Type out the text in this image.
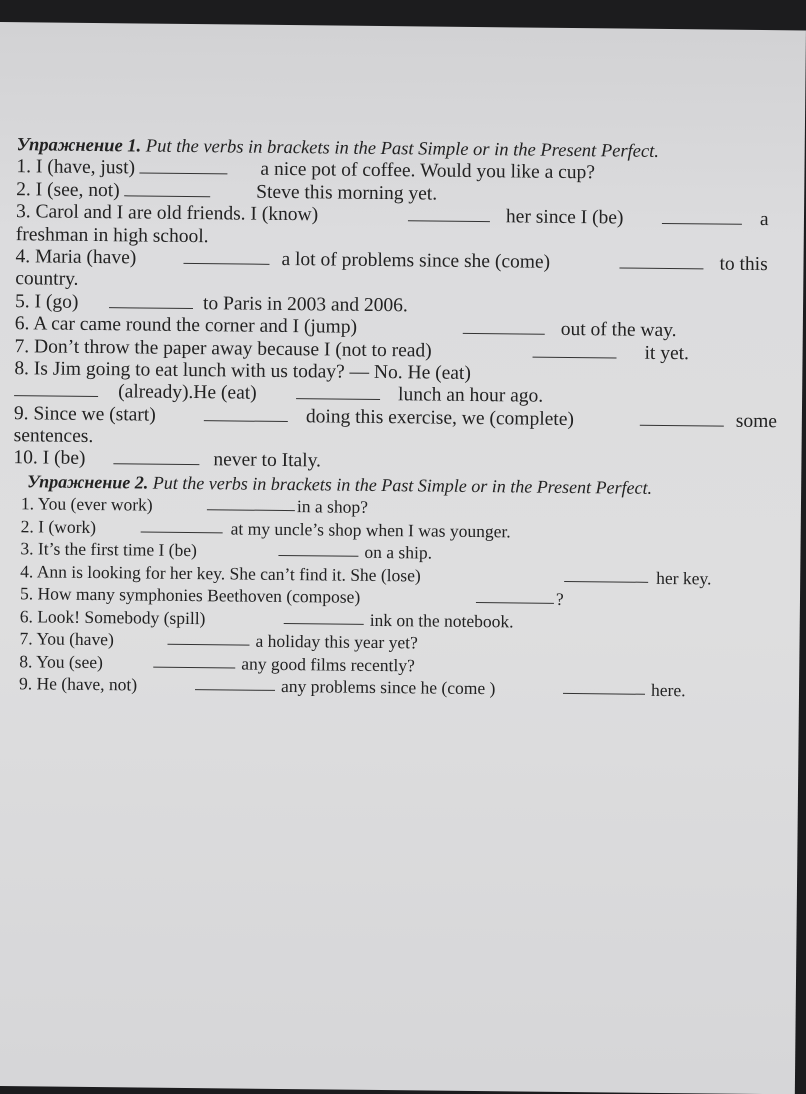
Упражнение 1. Put the verbs in brackets in the Past Simple or in the Present Perfect.
1. I (have, just)	a nice pot of coffee. Would you like a cup?
2. I (see, not)	Steve this morning yet.
3. Carol and I are old friends. I (know)	her since I (be)	a
freshman in high school.
4. Maria (have)	a lot of problems since she (come)	to this
country.
5. I (go)	to Paris in 2003 and 2006.
6. A car came round the corner and I (jump)	out of the way.
7. Don’t throw the paper away because I (not to read)	it yet.
8. Is Jim going to eat lunch with us today? — No. He (eat)
(already).He (eat)	lunch an hour ago.
9. Since we (start)	doing this exercise, we (complete)	some
sentences.
10. I (be)	never to Italy.
Упражнение 2. Put the verbs in brackets in the Past Simple or in the Present Perfect.
1. You (ever work)	in a shop?
2. I (work)	at my uncle’s shop when I was younger.
3. It’s the first time I (be)	on a ship.
4. Ann is looking for her key. She can’t find it. She (lose)	her key.
5. How many symphonies Beethoven (compose)	?
6. Look! Somebody (spill)	ink on the notebook.
7. You (have)	a holiday this year yet?
8. You (see)	any good films recently?
9. He (have, not)	any problems since he (come )	here.
